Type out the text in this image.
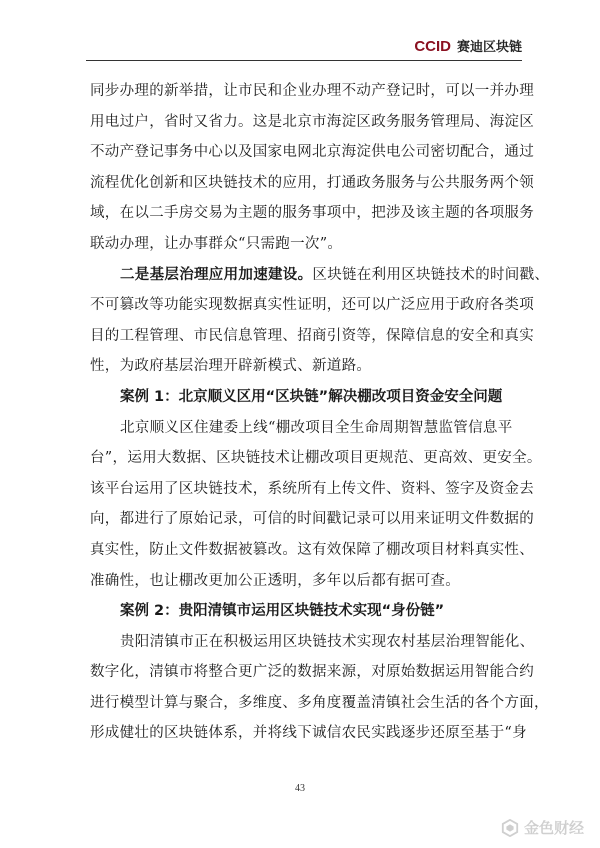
CCID 赛迪区块链
同步办理的新举措，让市民和企业办理不动产登记时，可以一并办理
用电过户，省时又省力。这是北京市海淀区政务服务管理局、海淀区
不动产登记事务中心以及国家电网北京海淀供电公司密切配合，通过
流程优化创新和区块链技术的应用，打通政务服务与公共服务两个领
域，在以二手房交易为主题的服务事项中，把涉及该主题的各项服务
联动办理，让办事群众“只需跑一次”。
二是基层治理应用加速建设。区块链在利用区块链技术的时间戳、
不可篡改等功能实现数据真实性证明，还可以广泛应用于政府各类项
目的工程管理、市民信息管理、招商引资等，保障信息的安全和真实
性，为政府基层治理开辟新模式、新道路。
案例 1：北京顺义区用“区块链”解决棚改项目资金安全问题
北京顺义区住建委上线“棚改项目全生命周期智慧监管信息平
台”，运用大数据、区块链技术让棚改项目更规范、更高效、更安全。
该平台运用了区块链技术，系统所有上传文件、资料、签字及资金去
向，都进行了原始记录，可信的时间戳记录可以用来证明文件数据的
真实性，防止文件数据被篡改。这有效保障了棚改项目材料真实性、
准确性，也让棚改更加公正透明，多年以后都有据可查。
案例 2：贵阳清镇市运用区块链技术实现“身份链”
贵阳清镇市正在积极运用区块链技术实现农村基层治理智能化、
数字化，清镇市将整合更广泛的数据来源，对原始数据运用智能合约
进行模型计算与聚合，多维度、多角度覆盖清镇社会生活的各个方面，
形成健壮的区块链体系，并将线下诚信农民实践逐步还原至基于“身
43
金色财经
